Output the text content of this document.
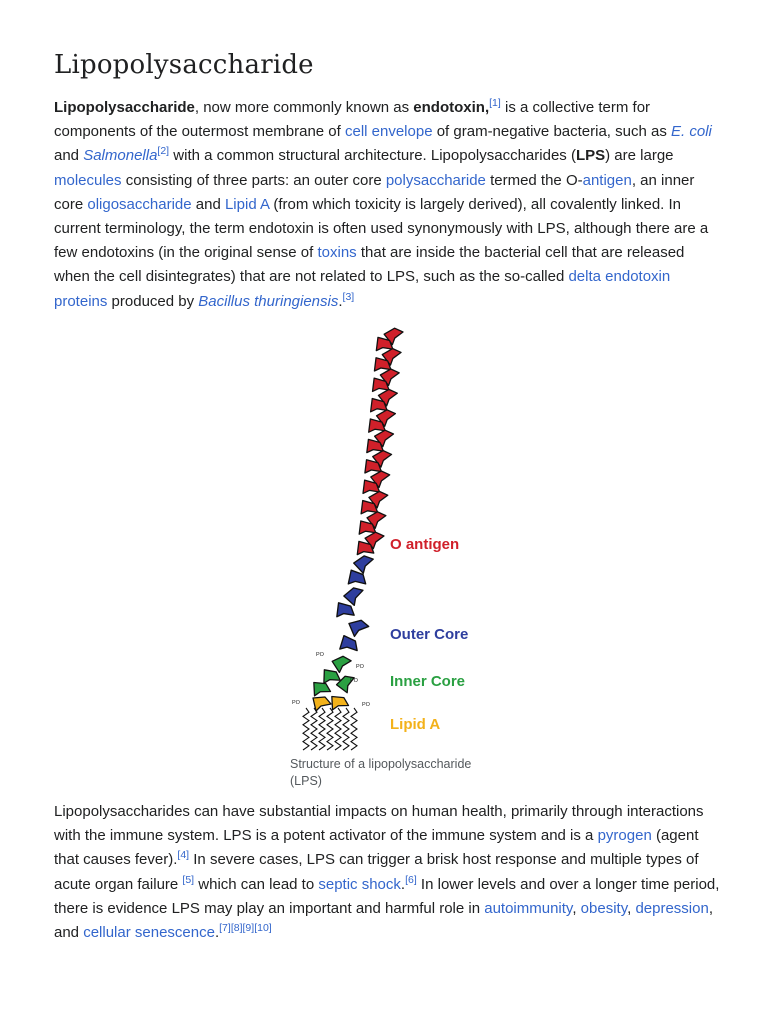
Lipopolysaccharide

Lipopolysaccharide, now more commonly known as endotoxin,[1] is a collective term for components of the outermost membrane of cell envelope of gram-negative bacteria, such as E. coli and Salmonella[2] with a common structural architecture. Lipopolysaccharides (LPS) are large molecules consisting of three parts: an outer core polysaccharide termed the O-antigen, an inner core oligosaccharide and Lipid A (from which toxicity is largely derived), all covalently linked. In current terminology, the term endotoxin is often used synonymously with LPS, although there are a few endotoxins (in the original sense of toxins that are inside the bacterial cell that are released when the cell disintegrates) that are not related to LPS, such as the so-called delta endotoxin proteins produced by Bacillus thuringiensis.[3]

PO
PO
PO
PO	PO
O antigen
Outer Core
Inner Core
Lipid A
Structure of a lipopolysaccharide (LPS)

Lipopolysaccharides can have substantial impacts on human health, primarily through interactions with the immune system. LPS is a potent activator of the immune system and is a pyrogen (agent that causes fever).[4] In severe cases, LPS can trigger a brisk host response and multiple types of acute organ failure [5] which can lead to septic shock.[6] In lower levels and over a longer time period, there is evidence LPS may play an important and harmful role in autoimmunity, obesity, depression, and cellular senescence.[7][8][9][10]
